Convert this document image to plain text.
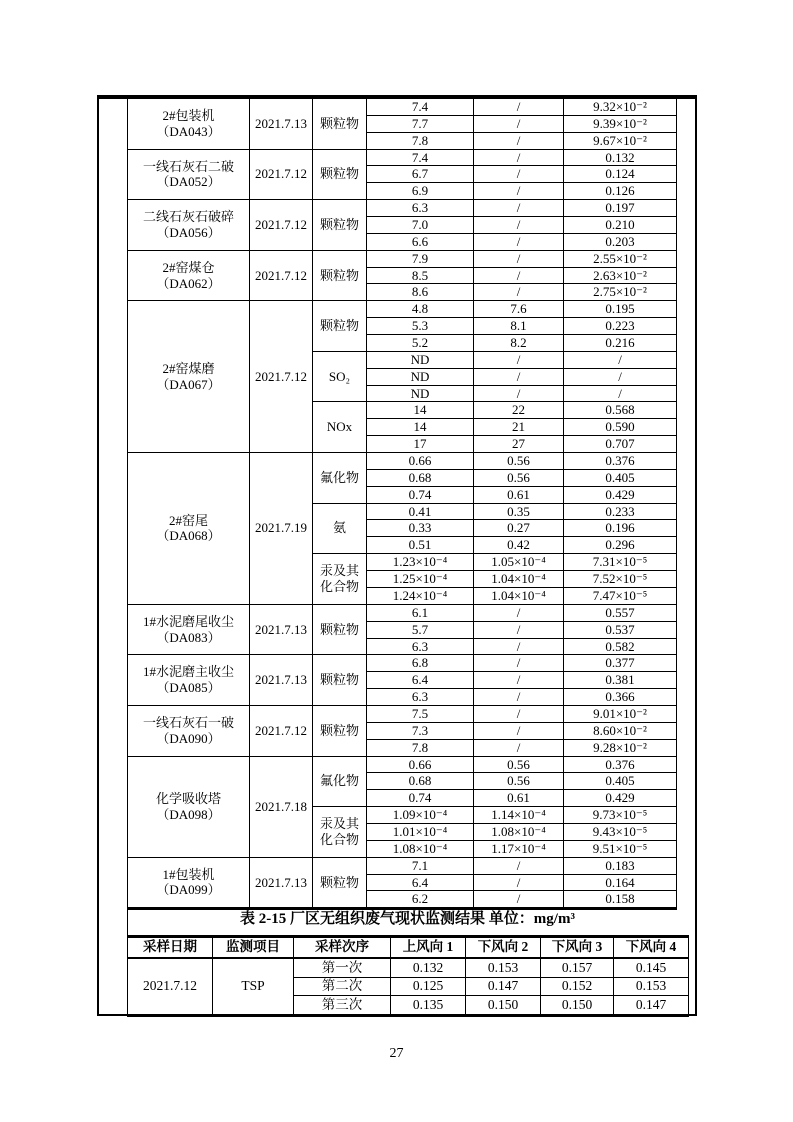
2#包装机
（DA043）	2021.7.13	颗粒物	7.4	/	9.32×10⁻²
			7.7	/	9.39×10⁻²
			7.8	/	9.67×10⁻²

一线石灰石二破
（DA052）	2021.7.12	颗粒物	7.4	/	0.132
			6.7	/	0.124
			6.9	/	0.126

二线石灰石破碎
（DA056）	2021.7.12	颗粒物	6.3	/	0.197
			7.0	/	0.210
			6.6	/	0.203

2#窑煤仓
（DA062）	2021.7.12	颗粒物	7.9	/	2.55×10⁻²
			8.5	/	2.63×10⁻²
			8.6	/	2.75×10⁻²

2#窑煤磨
（DA067）	2021.7.12	颗粒物	4.8	7.6	0.195
			5.3	8.1	0.223
			5.2	8.2	0.216

		SO₂	ND	/	/
			ND	/	/
			ND	/	/

		NOx	14	22	0.568
			14	21	0.590
			17	27	0.707

2#窑尾
（DA068）	2021.7.19	氟化物	0.66	0.56	0.376
			0.68	0.56	0.405
			0.74	0.61	0.429

		氨	0.41	0.35	0.233
			0.33	0.27	0.196
			0.51	0.42	0.296

		汞及其
化合物	1.23×10⁻⁴	1.05×10⁻⁴	7.31×10⁻⁵
			1.25×10⁻⁴	1.04×10⁻⁴	7.52×10⁻⁵
			1.24×10⁻⁴	1.04×10⁻⁴	7.47×10⁻⁵

1#水泥磨尾收尘
（DA083）	2021.7.13	颗粒物	6.1	/	0.557
			5.7	/	0.537
			6.3	/	0.582

1#水泥磨主收尘
（DA085）	2021.7.13	颗粒物	6.8	/	0.377
			6.4	/	0.381
			6.3	/	0.366

一线石灰石一破
（DA090）	2021.7.12	颗粒物	7.5	/	9.01×10⁻²
			7.3	/	8.60×10⁻²
			7.8	/	9.28×10⁻²

化学吸收塔
（DA098）	2021.7.18	氟化物	0.66	0.56	0.376
			0.68	0.56	0.405
			0.74	0.61	0.429

		汞及其
化合物	1.09×10⁻⁴	1.14×10⁻⁴	9.73×10⁻⁵
			1.01×10⁻⁴	1.08×10⁻⁴	9.43×10⁻⁵
			1.08×10⁻⁴	1.17×10⁻⁴	9.51×10⁻⁵

1#包装机
（DA099）	2021.7.13	颗粒物	7.1	/	0.183
			6.4	/	0.164
			6.2	/	0.158
表 2-15 厂区无组织废气现状监测结果 单位：mg/m³
采样日期	监测项目	采样次序	上风向 1	下风向 2	下风向 3	下风向 4
2021.7.12	TSP	第一次	0.132	0.153	0.157	0.145
		第二次	0.125	0.147	0.152	0.153
		第三次	0.135	0.150	0.150	0.147
27
